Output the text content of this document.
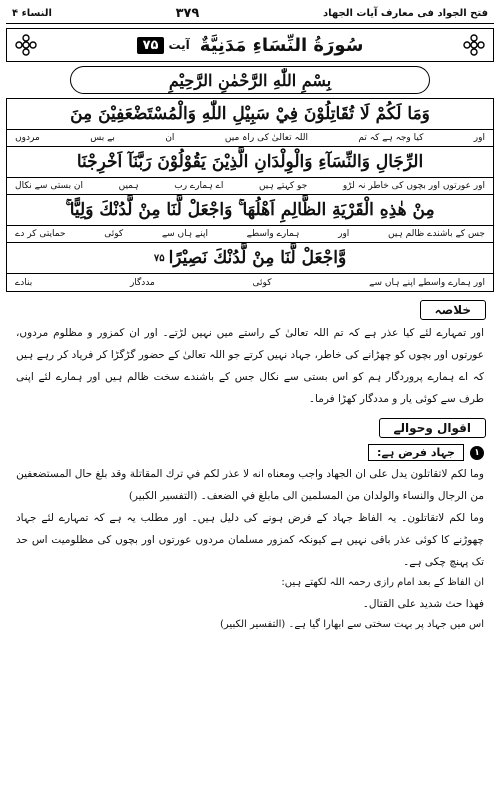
فتح الجواد فی معارف آیات الجهاد
۳۷۹
النساء ۴
سُورَةُ النِّسَاءِ مَدَنِيَّةٌ
آیت
۷۵
بِسْمِ اللّٰهِ الرَّحْمٰنِ الرَّحِيْمِ
وَمَا لَكُمْ لَا تُقَاتِلُوْنَ فِيْ سَبِيْلِ اللّٰهِ وَالْمُسْتَضْعَفِيْنَ مِنَ
اور
کیا وجہ ہے کہ تم
اللہ تعالیٰ کی راہ میں
ان
بے بس
مردوں
الرِّجَالِ وَالنِّسَآءِ وَالْوِلْدَانِ الَّذِيْنَ يَقُوْلُوْنَ رَبَّنَآ اَخْرِجْنَا
اور عورتوں اور بچوں کی خاطر نہ لڑو
جو کہتے ہیں
اے ہمارے رب
ہمیں
ان بستی سے نکال
مِنْ هٰذِهِ الْقَرْيَةِ الظَّالِمِ اَهْلُهَا ۚ وَاجْعَلْ لَّنَا مِنْ لَّدُنْكَ وَلِيًّا ۚ
جس کے باشندے ظالم ہیں
اور
ہمارے واسطے
اپنے ہاں سے
کوئی
حمایتی کر دے
وَّاجْعَلْ لَّنَا مِنْ لَّدُنْكَ نَصِيْرًا
۷۵
اور ہمارے واسطے اپنے ہاں سے
کوئی
مددگار
بنادے
خلاصہ

اور تمہارے لئے کیا عذر ہے کہ تم اللہ تعالیٰ کے راستے میں نہیں لڑتے۔ اور ان کمزور و مظلوم مردوں، عورتوں اور بچوں کو چھڑانے کی خاطر، جہاد نہیں کرتے جو اللہ تعالیٰ کے حضور گڑگڑا کر فریاد کر رہے ہیں کہ اے ہمارے پروردگار ہم کو اس بستی سے نکال جس کے باشندے سخت ظالم ہیں اور ہمارے لئے اپنی طرف سے کوئی یار و مددگار کھڑا فرما۔

اقوال وحوالے
۱
جہاد فرض ہے:

وما لكم لاتقاتلون يدل على ان الجهاد واجب ومعناه انه لا عذر لكم في ترك المقاتلة وقد بلغ حال المستضعفين من الرجال والنساء والولدان من المسلمين الى مابلغ في الضعف۔ (التفسير الكبير)

وما لكم لاتقاتلون۔ یہ الفاظ جہاد کے فرض ہونے کی دلیل ہیں۔ اور مطلب یہ ہے کہ تمہارے لئے جہاد چھوڑنے کا کوئی عذر باقی نہیں ہے کیونکہ کمزور مسلمان مردوں عورتوں اور بچوں کی مظلومیت اس حد تک پہنچ چکی ہے۔

ان الفاظ کے بعد امام رازی رحمہ اللہ لکھتے ہیں:

فهذا حث شديد على القتال۔

اس میں جہاد پر بہت سختی سے ابھارا گیا ہے۔ (التفسیر الکبیر)
